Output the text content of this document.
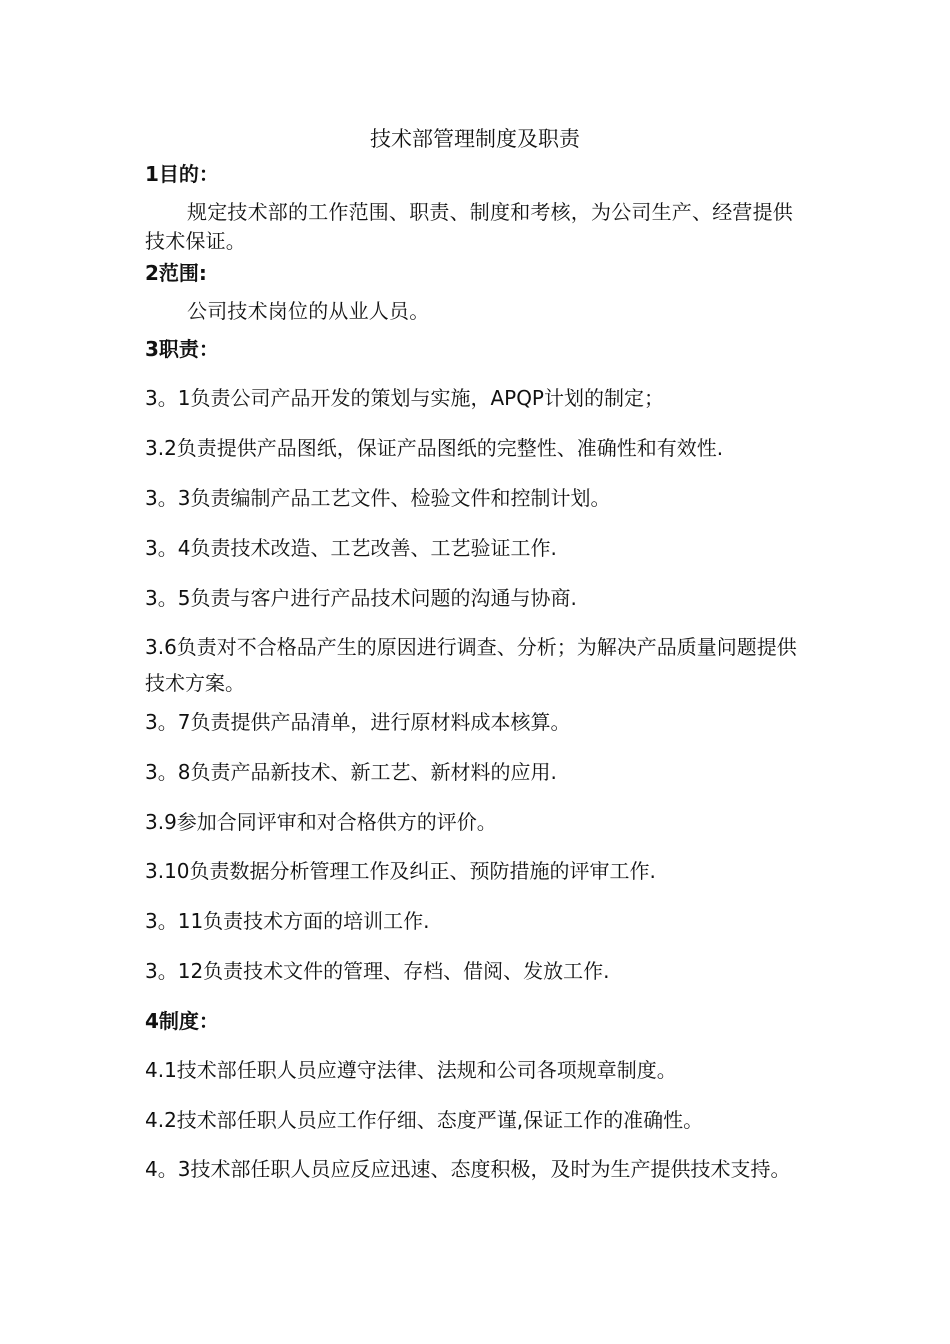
技术部管理制度及职责
1目的：

规定技术部的工作范围、职责、制度和考核，为公司生产、经营提供技术保证。

2范围:

公司技术岗位的从业人员。

3职责：

3。1负责公司产品开发的策划与实施，APQP计划的制定；

3.2负责提供产品图纸，保证产品图纸的完整性、准确性和有效性.

3。3负责编制产品工艺文件、检验文件和控制计划。

3。4负责技术改造、工艺改善、工艺验证工作.

3。5负责与客户进行产品技术问题的沟通与协商.

3.6负责对不合格品产生的原因进行调查、分析；为解决产品质量问题提供技术方案。

3。7负责提供产品清单，进行原材料成本核算。

3。8负责产品新技术、新工艺、新材料的应用.

3.9参加合同评审和对合格供方的评价。

3.10负责数据分析管理工作及纠正、预防措施的评审工作.

3。11负责技术方面的培训工作.

3。12负责技术文件的管理、存档、借阅、发放工作.

4制度：

4.1技术部任职人员应遵守法律、法规和公司各项规章制度。

4.2技术部任职人员应工作仔细、态度严谨,保证工作的准确性。

4。3技术部任职人员应反应迅速、态度积极，及时为生产提供技术支持。
